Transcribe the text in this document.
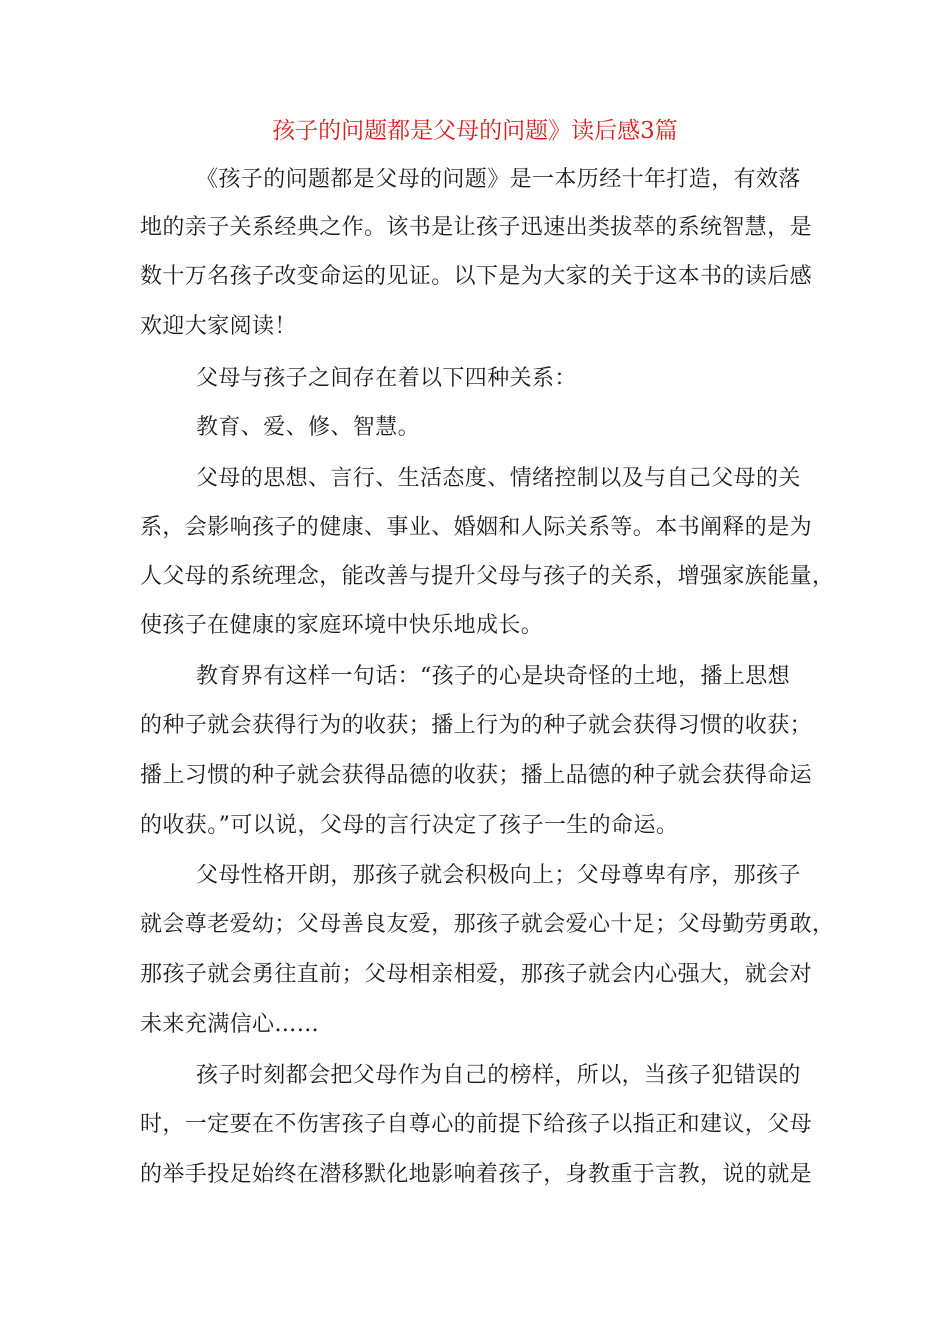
孩子的问题都是父母的问题》读后感3篇
《孩子的问题都是父母的问题》是一本历经十年打造，有效落
地的亲子关系经典之作。该书是让孩子迅速出类拔萃的系统智慧，是
数十万名孩子改变命运的见证。以下是为大家的关于这本书的读后感
欢迎大家阅读！
父母与孩子之间存在着以下四种关系：
教育、爱、修、智慧。
父母的思想、言行、生活态度、情绪控制以及与自己父母的关
系，会影响孩子的健康、事业、婚姻和人际关系等。本书阐释的是为
人父母的系统理念，能改善与提升父母与孩子的关系，增强家族能量，
使孩子在健康的家庭环境中快乐地成长。
教育界有这样一句话：“孩子的心是块奇怪的土地，播上思想
的种子就会获得行为的收获；播上行为的种子就会获得习惯的收获；
播上习惯的种子就会获得品德的收获；播上品德的种子就会获得命运
的收获。”可以说，父母的言行决定了孩子一生的命运。
父母性格开朗，那孩子就会积极向上；父母尊卑有序，那孩子
就会尊老爱幼；父母善良友爱，那孩子就会爱心十足；父母勤劳勇敢，
那孩子就会勇往直前；父母相亲相爱，那孩子就会内心强大，就会对
未来充满信心……
孩子时刻都会把父母作为自己的榜样，所以，当孩子犯错误的
时，一定要在不伤害孩子自尊心的前提下给孩子以指正和建议，父母
的举手投足始终在潜移默化地影响着孩子，身教重于言教，说的就是
